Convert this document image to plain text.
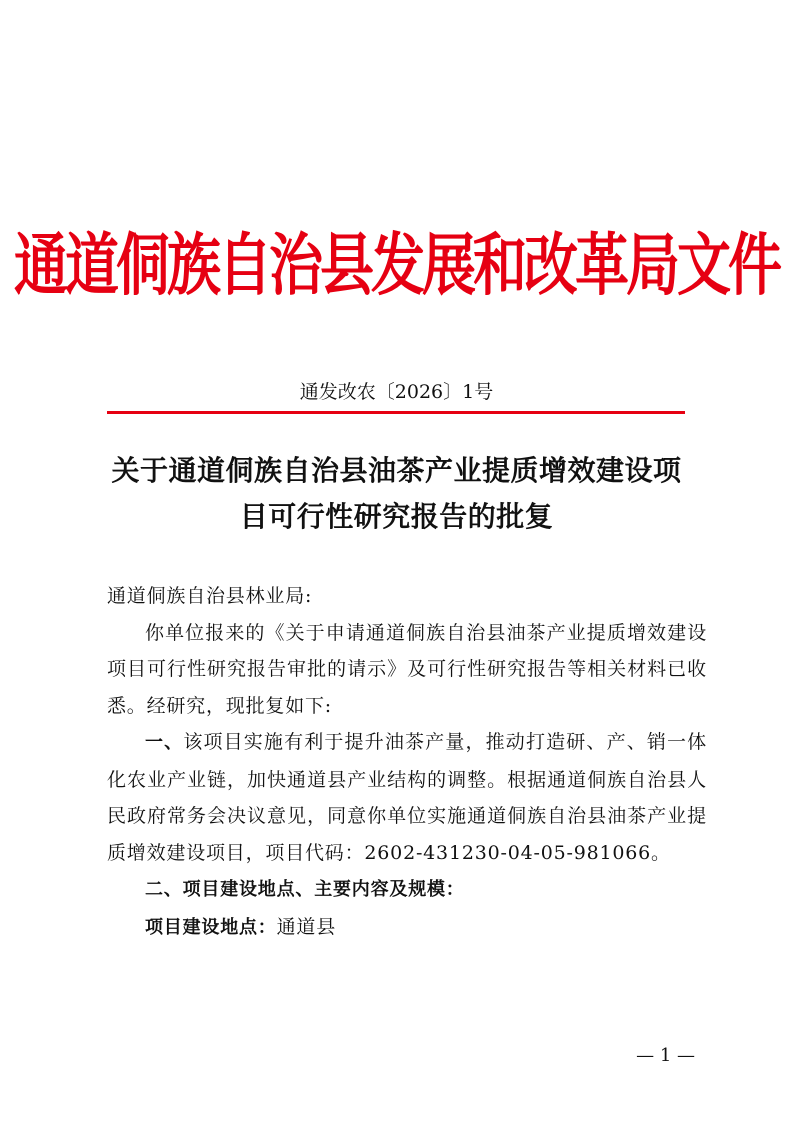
通道侗族自治县发展和改革局文件
通发改农〔2026〕1号
关于通道侗族自治县油茶产业提质增效建设项
目可行性研究报告的批复

通道侗族自治县林业局:

你单位报来的《关于申请通道侗族自治县油茶产业提质增效建设项目可行性研究报告审批的请示》及可行性研究报告等相关材料已收悉。经研究，现批复如下:

一、该项目实施有利于提升油茶产量，推动打造研、产、销一体化农业产业链，加快通道县产业结构的调整。根据通道侗族自治县人民政府常务会决议意见，同意你单位实施通道侗族自治县油茶产业提质增效建设项目，项目代码：2602-431230-04-05-981066。

二、项目建设地点、主要内容及规模：

项目建设地点：通道县

— 1 —
